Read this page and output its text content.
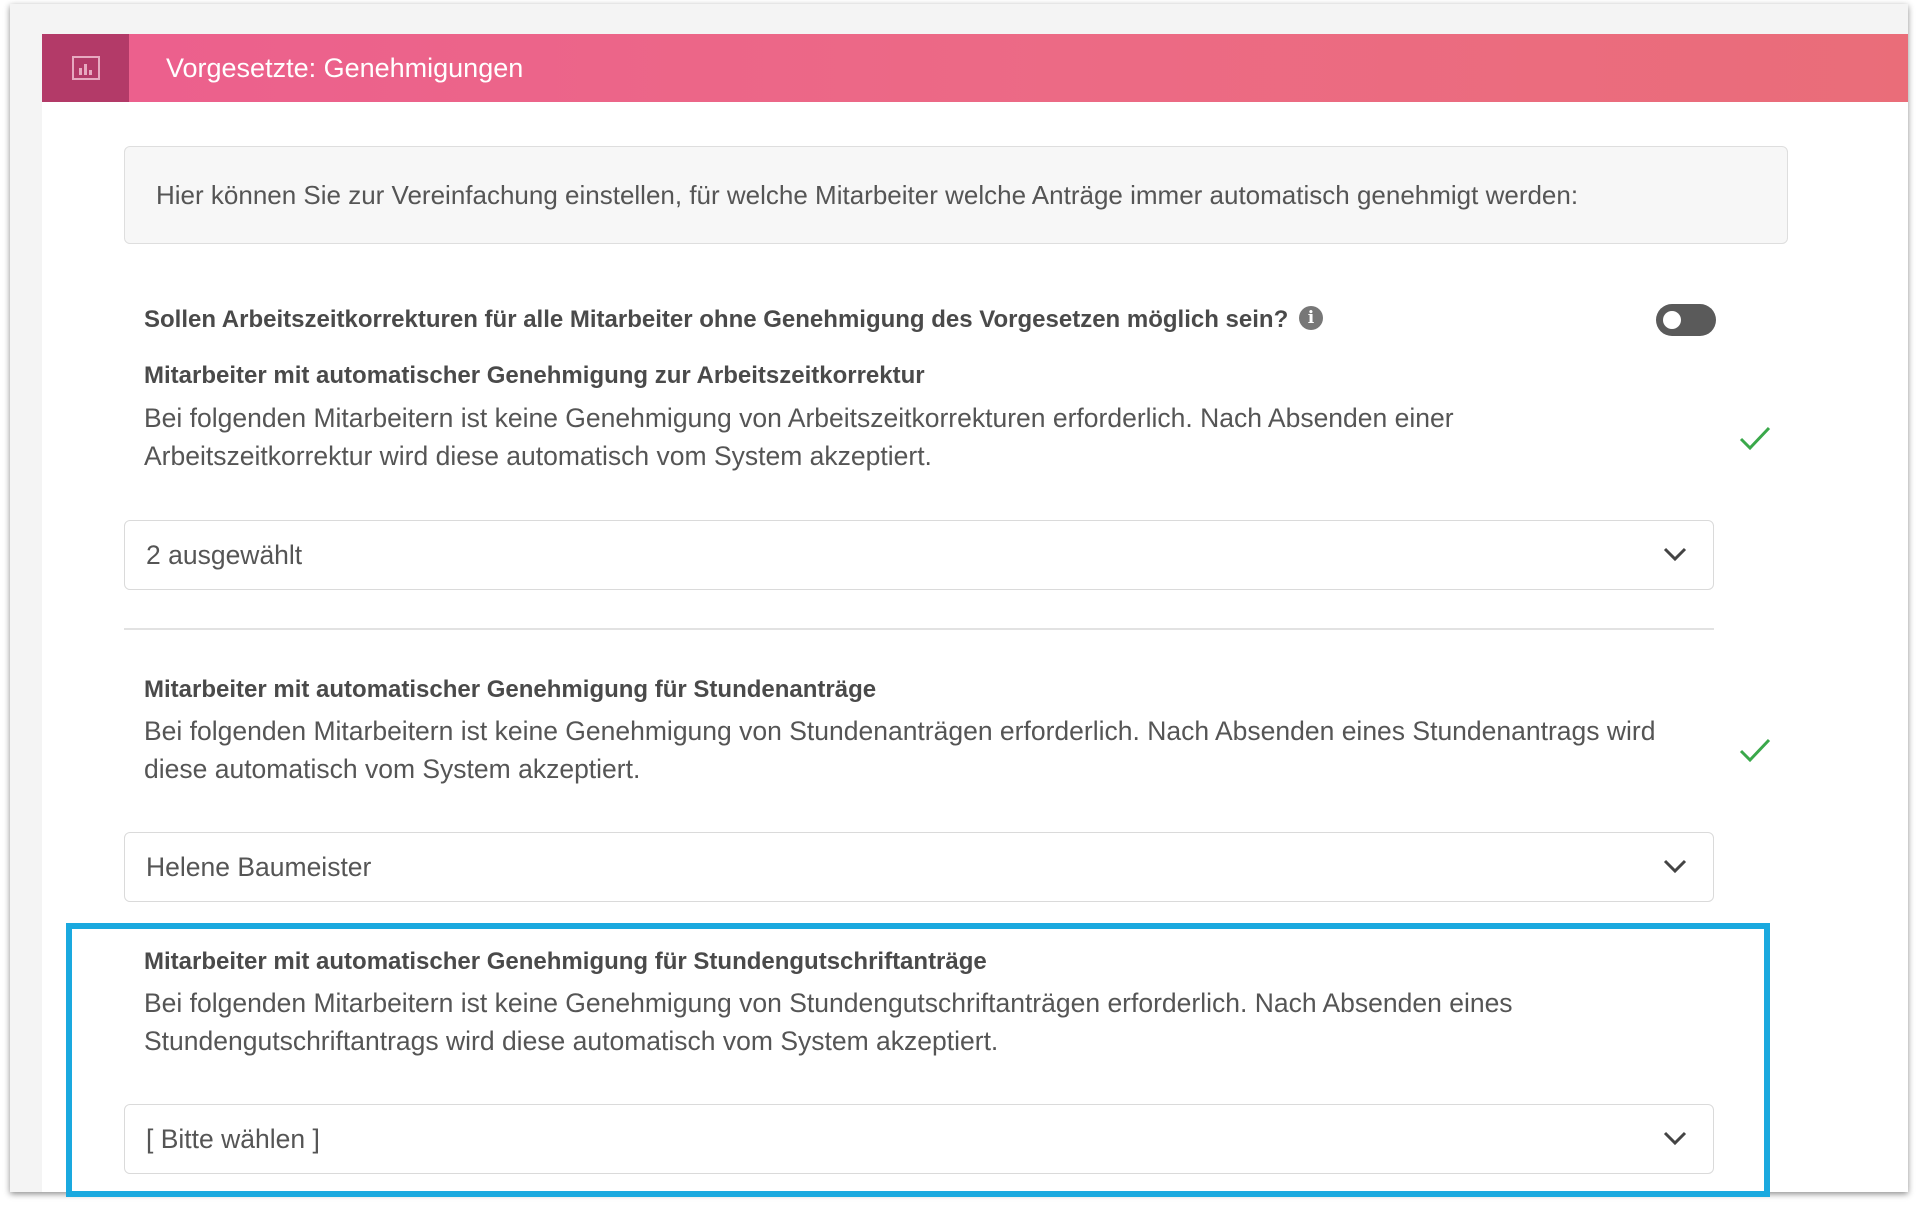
Vorgesetzte: Genehmigungen
Hier können Sie zur Vereinfachung einstellen, für welche Mitarbeiter welche Anträge immer automatisch genehmigt werden:
Sollen Arbeitszeitkorrekturen für alle Mitarbeiter ohne Genehmigung des Vorgesetzen möglich sein?	i
Mitarbeiter mit automatischer Genehmigung zur Arbeitszeitkorrektur
Bei folgenden Mitarbeitern ist keine Genehmigung von Arbeitszeitkorrekturen erforderlich. Nach Absenden einer
Arbeitszeitkorrektur wird diese automatisch vom System akzeptiert.
2 ausgewählt
Mitarbeiter mit automatischer Genehmigung für Stundenanträge
Bei folgenden Mitarbeitern ist keine Genehmigung von Stundenanträgen erforderlich. Nach Absenden eines Stundenantrags wird
diese automatisch vom System akzeptiert.
Helene Baumeister
Mitarbeiter mit automatischer Genehmigung für Stundengutschriftanträge
Bei folgenden Mitarbeitern ist keine Genehmigung von Stundengutschriftanträgen erforderlich. Nach Absenden eines
Stundengutschriftantrags wird diese automatisch vom System akzeptiert.
[ Bitte wählen ]
